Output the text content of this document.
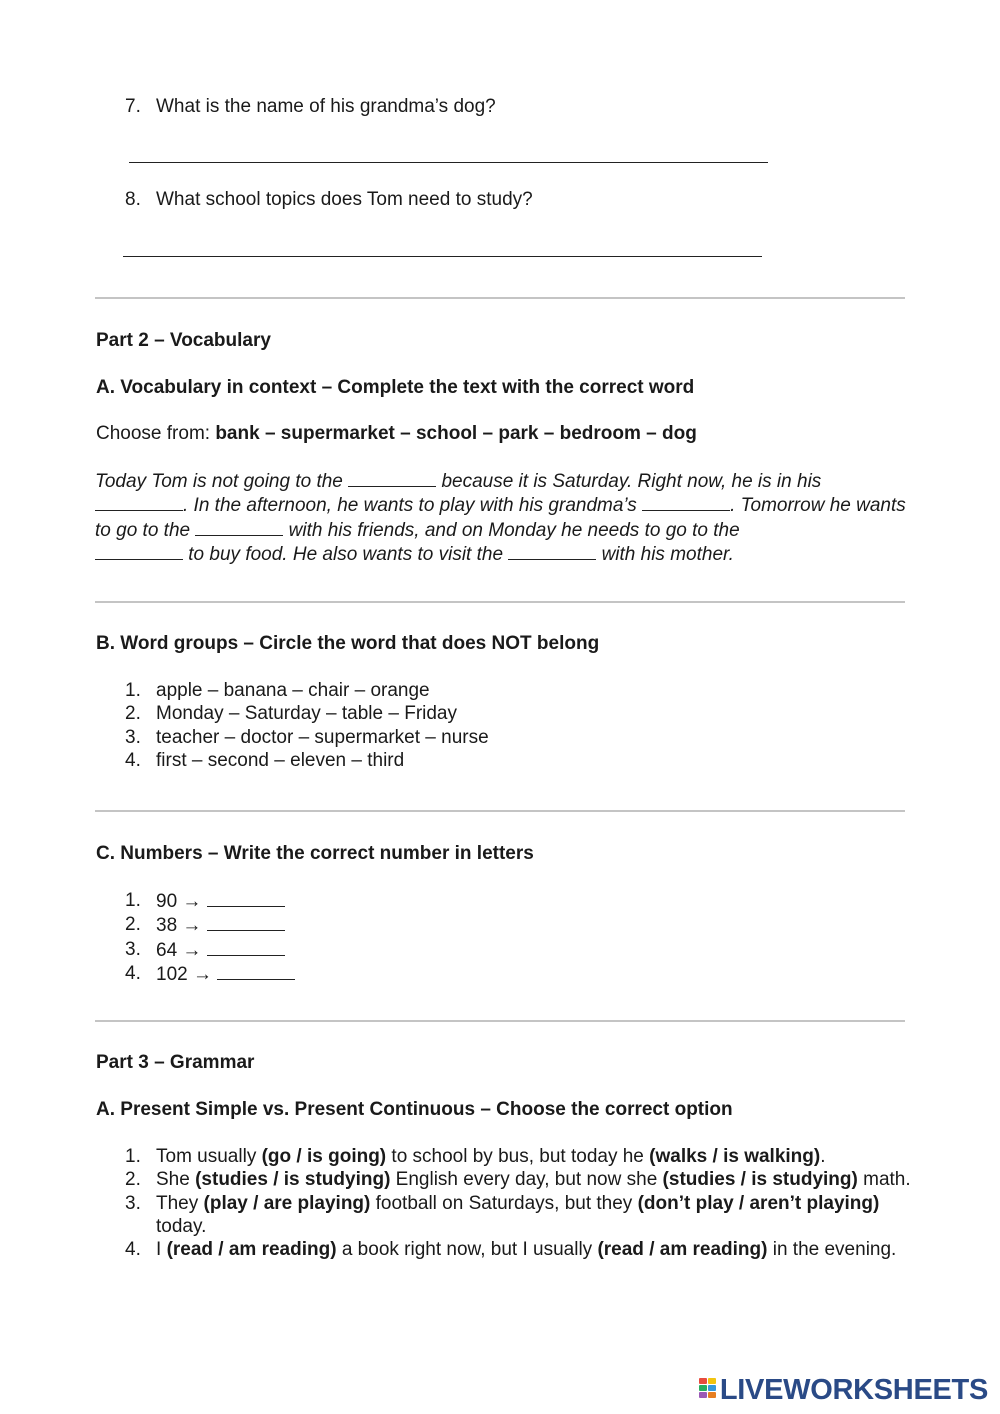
7. What is the name of his grandma’s dog?
8. What school topics does Tom need to study?
Part 2 – Vocabulary
A. Vocabulary in context – Complete the text with the correct word
Choose from: bank – supermarket – school – park – bedroom – dog

Today Tom is not going to the	because it is Saturday. Right now, he is in his
. In the afternoon, he wants to play with his grandma’s	. Tomorrow he wants to go to the	with his friends, and on Monday he needs to go to the
to buy food. He also wants to visit the	with his mother.

B. Word groups – Circle the word that does NOT belong
1. apple – banana – chair – orange
2. Monday – Saturday – table – Friday
3. teacher – doctor – supermarket – nurse
4. first – second – eleven – third
C. Numbers – Write the correct number in letters
1. 90 →
2. 38 →
3. 64 →
4. 102 →
Part 3 – Grammar
A. Present Simple vs. Present Continuous – Choose the correct option
1. Tom usually (go / is going) to school by bus, but today he (walks / is walking).
2. She (studies / is studying) English every day, but now she (studies / is studying) math.
3. They (play / are playing) football on Saturdays, but they (don’t play / aren’t playing) today.
4. I (read / am reading) a book right now, but I usually (read / am reading) in the evening.
LIVEWORKSHEETS
